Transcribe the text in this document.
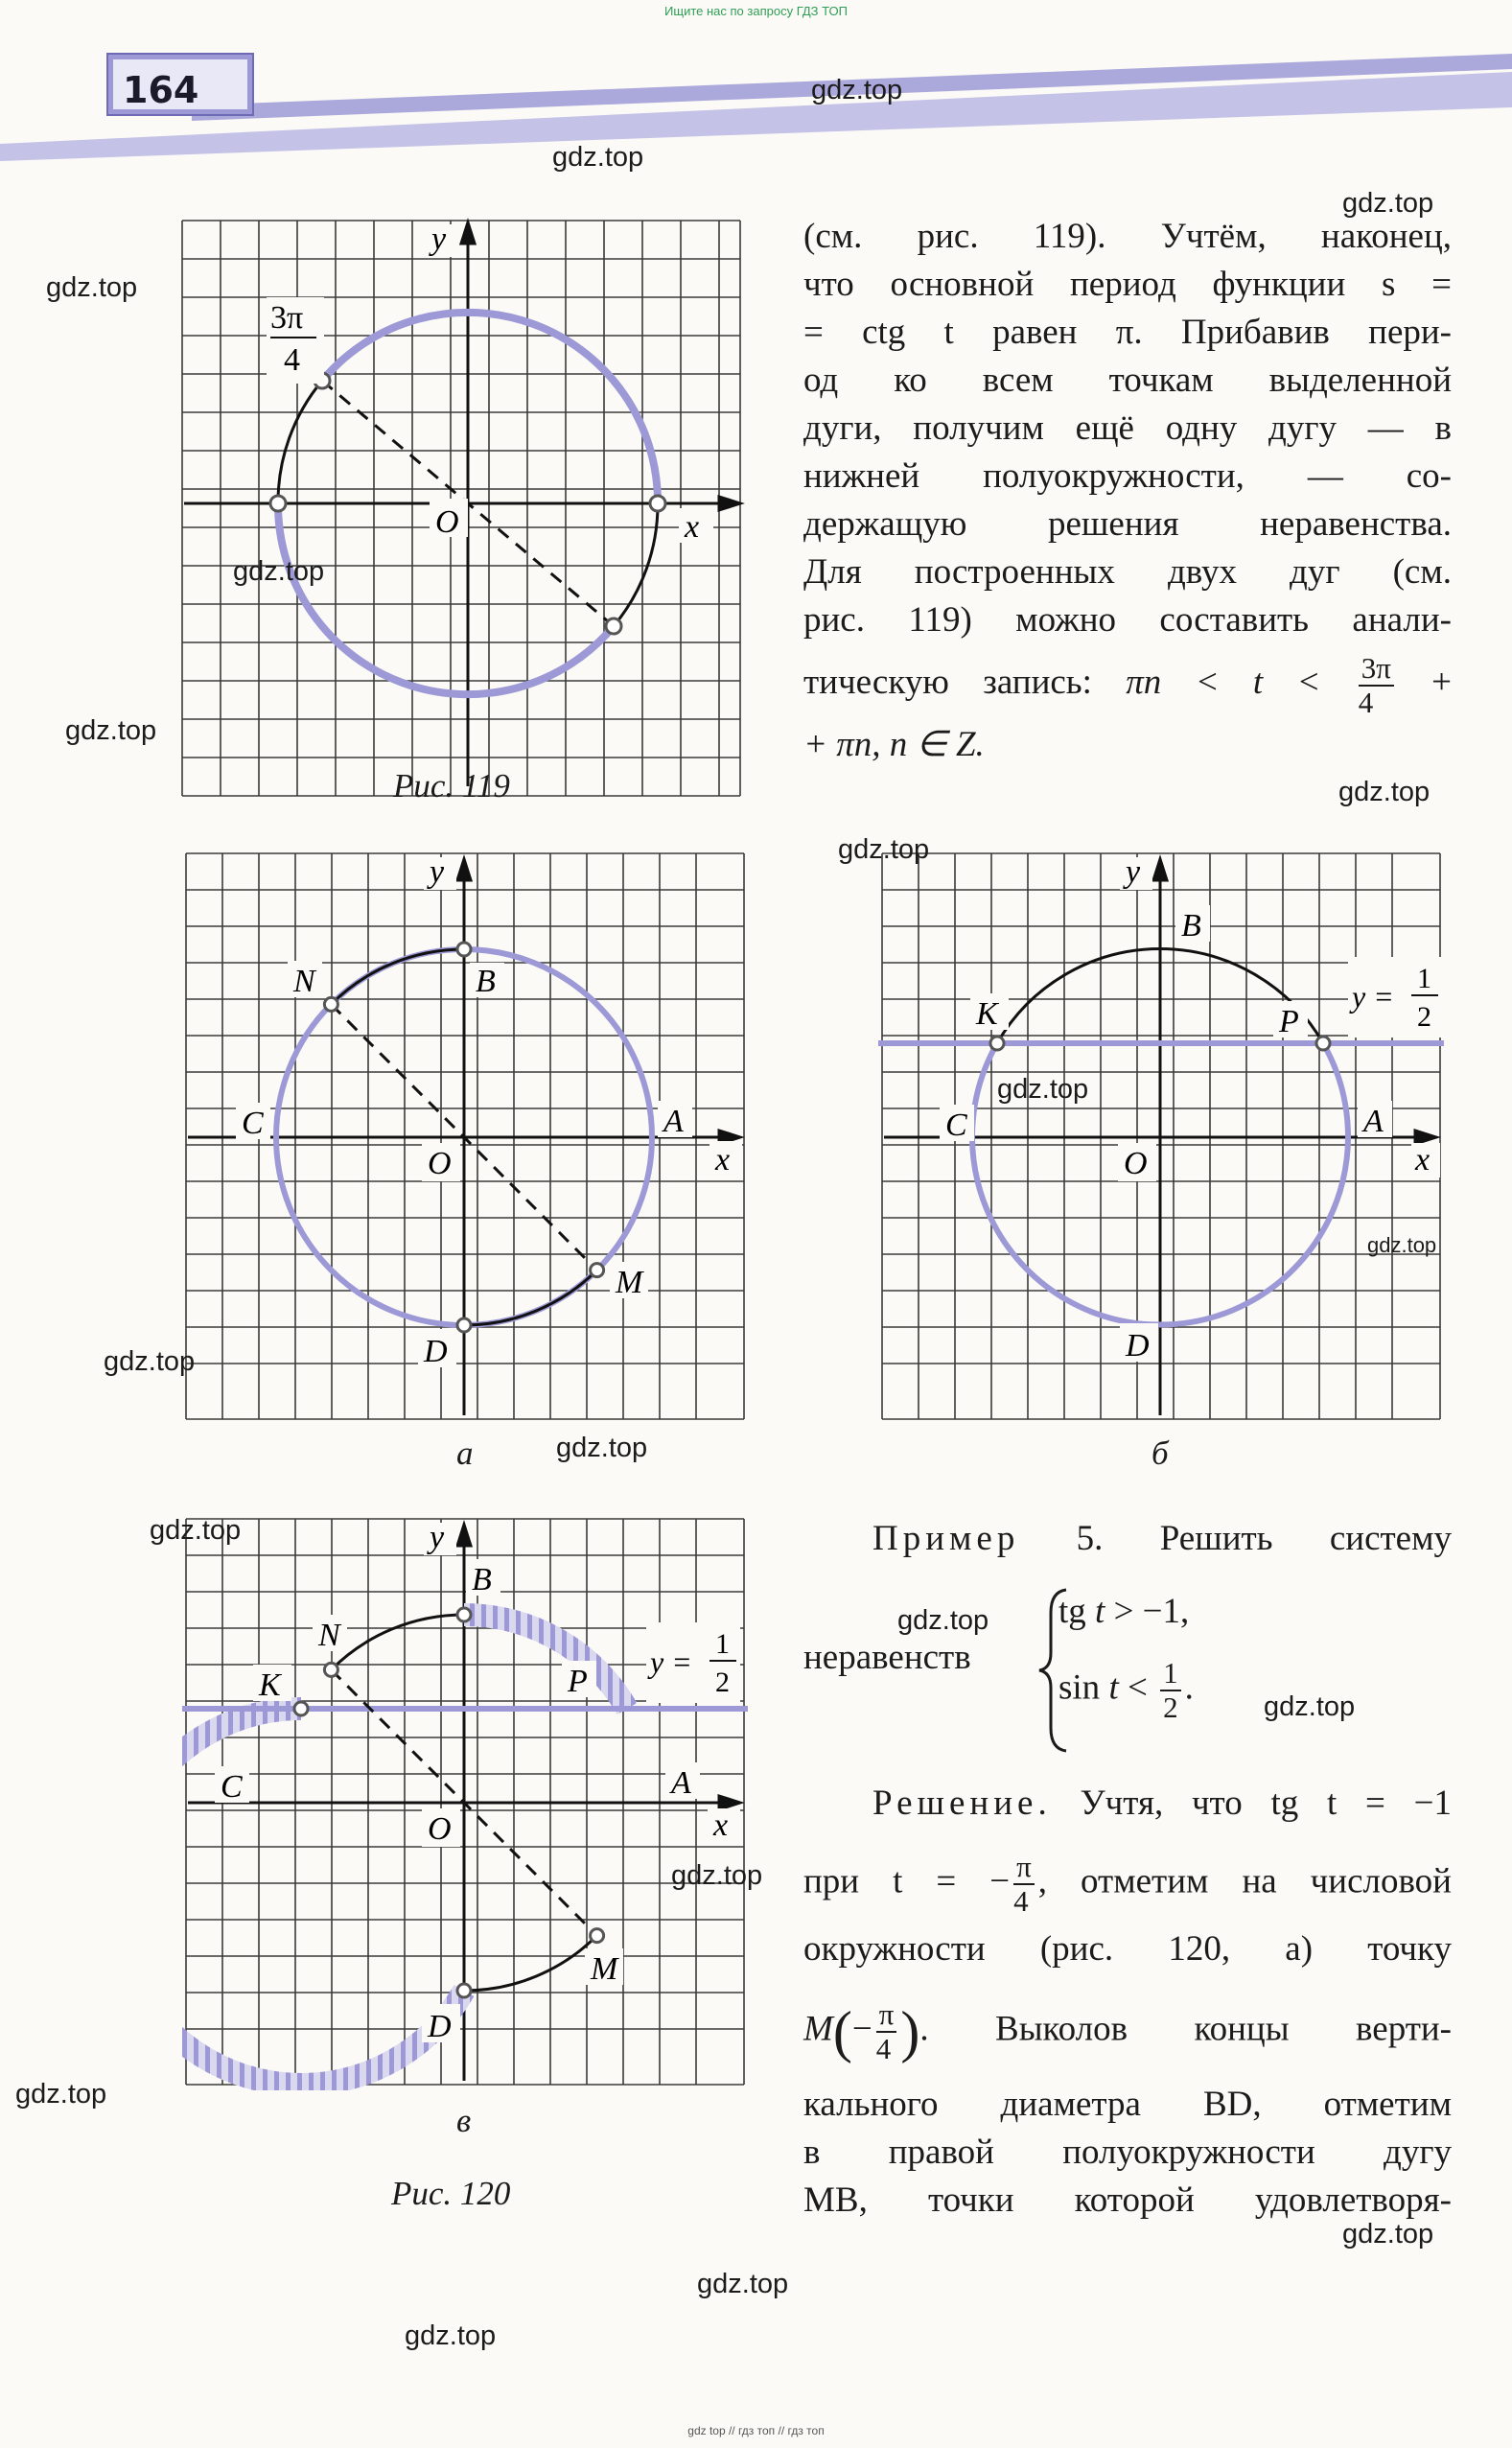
Ищите нас по запросу ГДЗ ТОП
164
gdz top // гдз топ // гдз топ
O	x
y
3π
4
Рис. 119
(см. рис. 119). Учтём, наконец,
что основной период функции s =
= ctg t равен π. Прибавив пери-
од ко всем точкам выделенной
дуги, получим ещё одну дугу — в
нижней полуокружности, — со-
держащую решения неравенства.
Для построенных двух дуг (см.
рис. 119) можно составить анали-
тическую запись: $\pi n < t < \frac{3\pi}{4}$ +
+ πn, n ∈ Z.
O
B
N
C	A
M
D
x
y
а
O
B
K	P
C	A
D
x
y
y =
1
2
б
O
B
N
K	P
C	A
M
D
x
y
y =
1
2
в
Рис. 120
Пример 5. Решить систему
неравенств
tg t > −1,
$\sin t < \frac{1}{2}$ .
Решение. Учтя, что tg t = −1
при t = − $\frac{\pi}{4}$ , отметим на числовой
окружности (рис. 120, а) точку
$M(- \frac{\pi}{4}$ ). Выколов концы верти-
кального диаметра BD, отметим
в правой полуокружности дугу
MB, точки которой удовлетворя-
gdz.top
gdz.top
gdz.top
gdz.top
gdz.top
gdz.top
gdz.top
gdz.top
gdz.top
gdz.top
gdz.top
gdz.top
gdz.top
gdz.top
gdz.top
gdz.top
gdz.top
gdz.top
gdz.top
gdz.top
